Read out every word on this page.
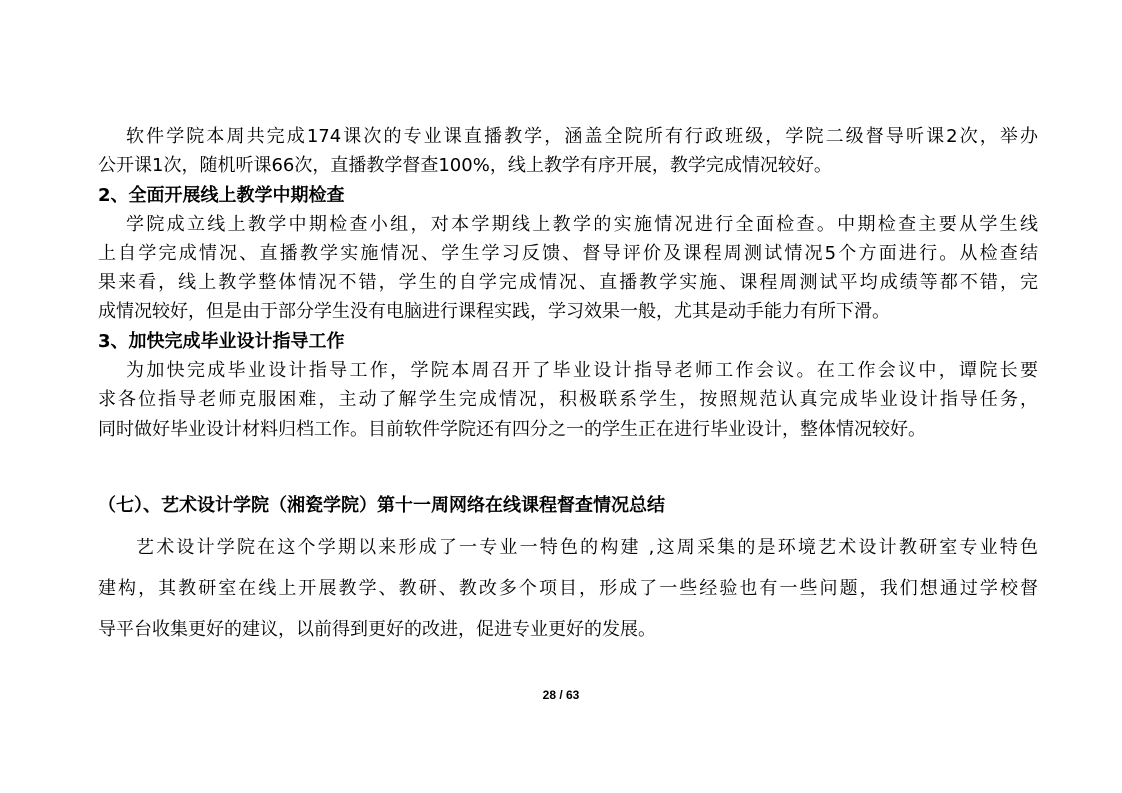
软件学院本周共完成174课次的专业课直播教学，涵盖全院所有行政班级，学院二级督导听课2次，举办
公开课1次，随机听课66次，直播教学督查100%，线上教学有序开展，教学完成情况较好。
2、全面开展线上教学中期检查
学院成立线上教学中期检查小组，对本学期线上教学的实施情况进行全面检查。中期检查主要从学生线
上自学完成情况、直播教学实施情况、学生学习反馈、督导评价及课程周测试情况5个方面进行。从检查结
果来看，线上教学整体情况不错，学生的自学完成情况、直播教学实施、课程周测试平均成绩等都不错，完
成情况较好，但是由于部分学生没有电脑进行课程实践，学习效果一般，尤其是动手能力有所下滑。
3、加快完成毕业设计指导工作
为加快完成毕业设计指导工作，学院本周召开了毕业设计指导老师工作会议。在工作会议中，谭院长要
求各位指导老师克服困难，主动了解学生完成情况，积极联系学生，按照规范认真完成毕业设计指导任务，
同时做好毕业设计材料归档工作。目前软件学院还有四分之一的学生正在进行毕业设计，整体情况较好。
（七）、艺术设计学院（湘瓷学院）第十一周网络在线课程督查情况总结
艺术设计学院在这个学期以来形成了一专业一特色的构建 ,这周采集的是环境艺术设计教研室专业特色
建构，其教研室在线上开展教学、教研、教改多个项目，形成了一些经验也有一些问题，我们想通过学校督
导平台收集更好的建议，以前得到更好的改进，促进专业更好的发展。
28 / 63
